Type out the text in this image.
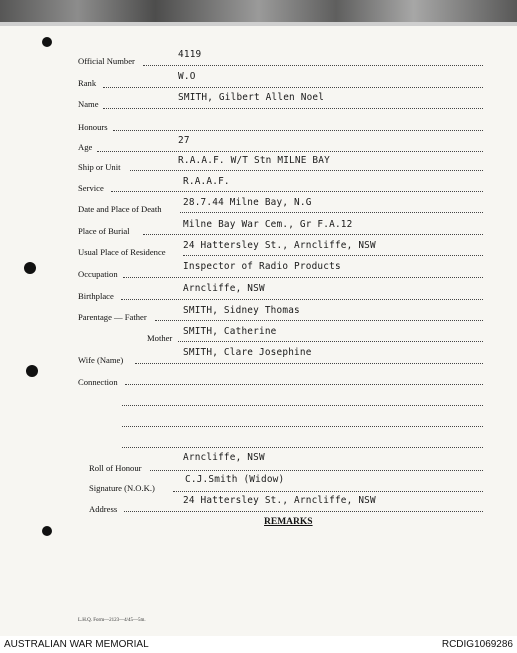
Official Number
4119
Rank
W.O
Name
SMITH, Gilbert Allen Noel
Honours
Age
27
Ship or Unit
R.A.A.F. W/T Stn MILNE BAY
Service
R.A.A.F.
Date and Place of Death
28.7.44 Milne Bay, N.G
Place of Burial
Milne Bay War Cem., Gr F.A.12
Usual Place of Residence
24 Hattersley St., Arncliffe, NSW
Occupation
Inspector of Radio Products
Birthplace
Arncliffe, NSW
Parentage — Father
SMITH, Sidney Thomas
Mother
SMITH, Catherine
Wife (Name)
SMITH, Clare Josephine
Connection
Roll of Honour
Arncliffe, NSW
Signature (N.O.K.)
C.J.Smith (Widow)
Address
24 Hattersley St., Arncliffe, NSW
REMARKS
L.H.Q. Form—2123—4/45—5m.
AUSTRALIAN WAR MEMORIAL	RCDIG1069286
